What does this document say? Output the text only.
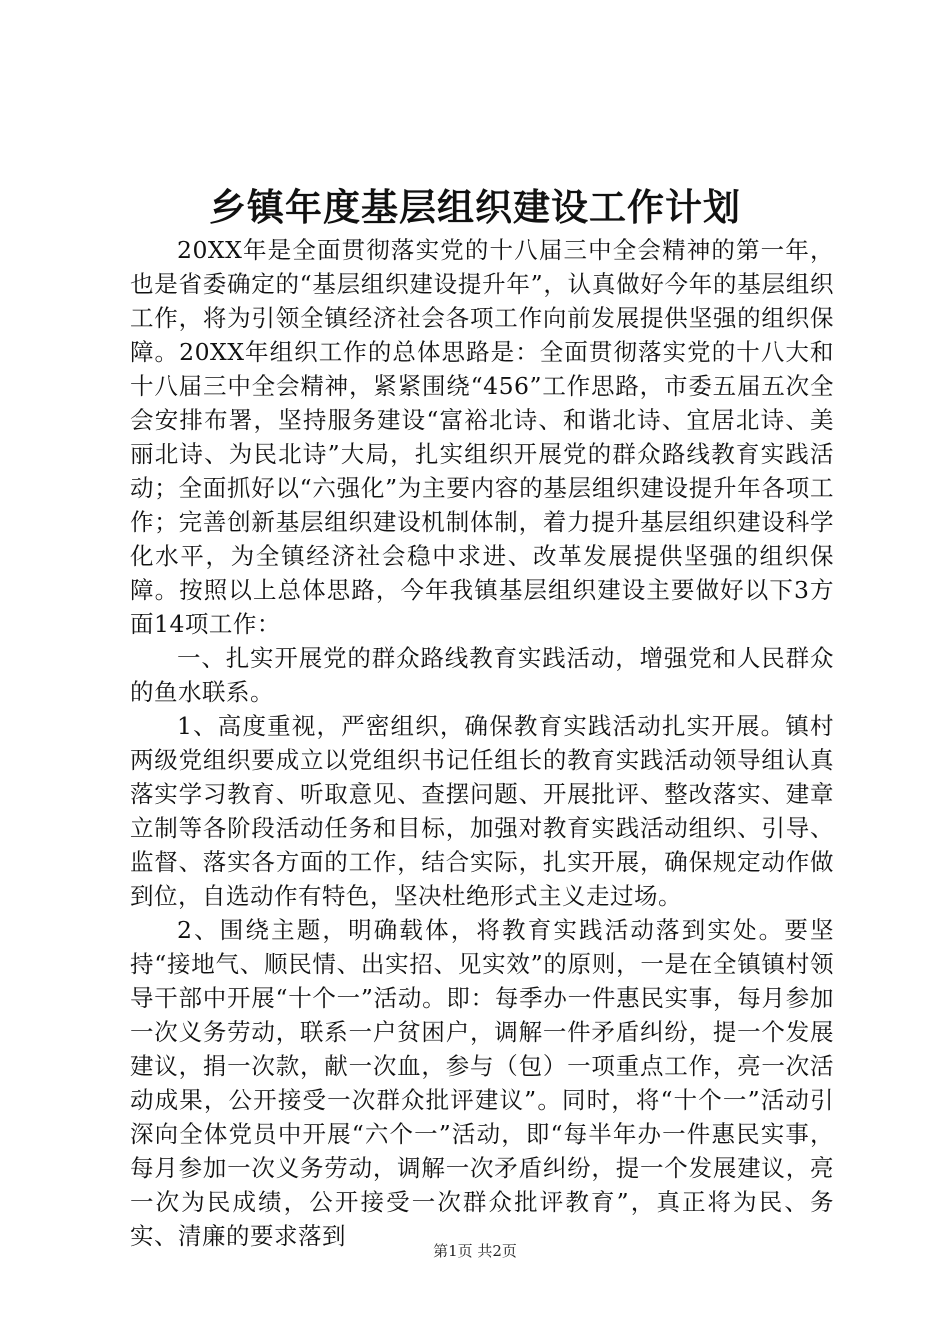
乡镇年度基层组织建设工作计划

20XX年是全面贯彻落实党的十八届三中全会精神的第一年，也是省委确定的“基层组织建设提升年”，认真做好今年的基层组织工作，将为引领全镇经济社会各项工作向前发展提供坚强的组织保障。20XX年组织工作的总体思路是：全面贯彻落实党的十八大和十八届三中全会精神，紧紧围绕“456”工作思路，市委五届五次全会安排布署，坚持服务建设“富裕北诗、和谐北诗、宜居北诗、美丽北诗、为民北诗”大局，扎实组织开展党的群众路线教育实践活动；全面抓好以“六强化”为主要内容的基层组织建设提升年各项工作；完善创新基层组织建设机制体制，着力提升基层组织建设科学化水平，为全镇经济社会稳中求进、改革发展提供坚强的组织保障。按照以上总体思路，今年我镇基层组织建设主要做好以下3方面14项工作：

一、扎实开展党的群众路线教育实践活动，增强党和人民群众的鱼水联系。

1、高度重视，严密组织，确保教育实践活动扎实开展。镇村两级党组织要成立以党组织书记任组长的教育实践活动领导组认真落实学习教育、听取意见、查摆问题、开展批评、整改落实、建章立制等各阶段活动任务和目标，加强对教育实践活动组织、引导、监督、落实各方面的工作，结合实际，扎实开展，确保规定动作做到位，自选动作有特色，坚决杜绝形式主义走过场。

2、围绕主题，明确载体，将教育实践活动落到实处。要坚持“接地气、顺民情、出实招、见实效”的原则，一是在全镇镇村领导干部中开展“十个一”活动。即：每季办一件惠民实事，每月参加一次义务劳动，联系一户贫困户，调解一件矛盾纠纷，提一个发展建议，捐一次款，献一次血，参与（包）一项重点工作，亮一次活动成果，公开接受一次群众批评建议”。同时，将“十个一”活动引深向全体党员中开展“六个一”活动，即“每半年办一件惠民实事，每月参加一次义务劳动，调解一次矛盾纠纷，提一个发展建议，亮一次为民成绩，公开接受一次群众批评教育”，真正将为民、务实、清廉的要求落到

第1页 共2页
